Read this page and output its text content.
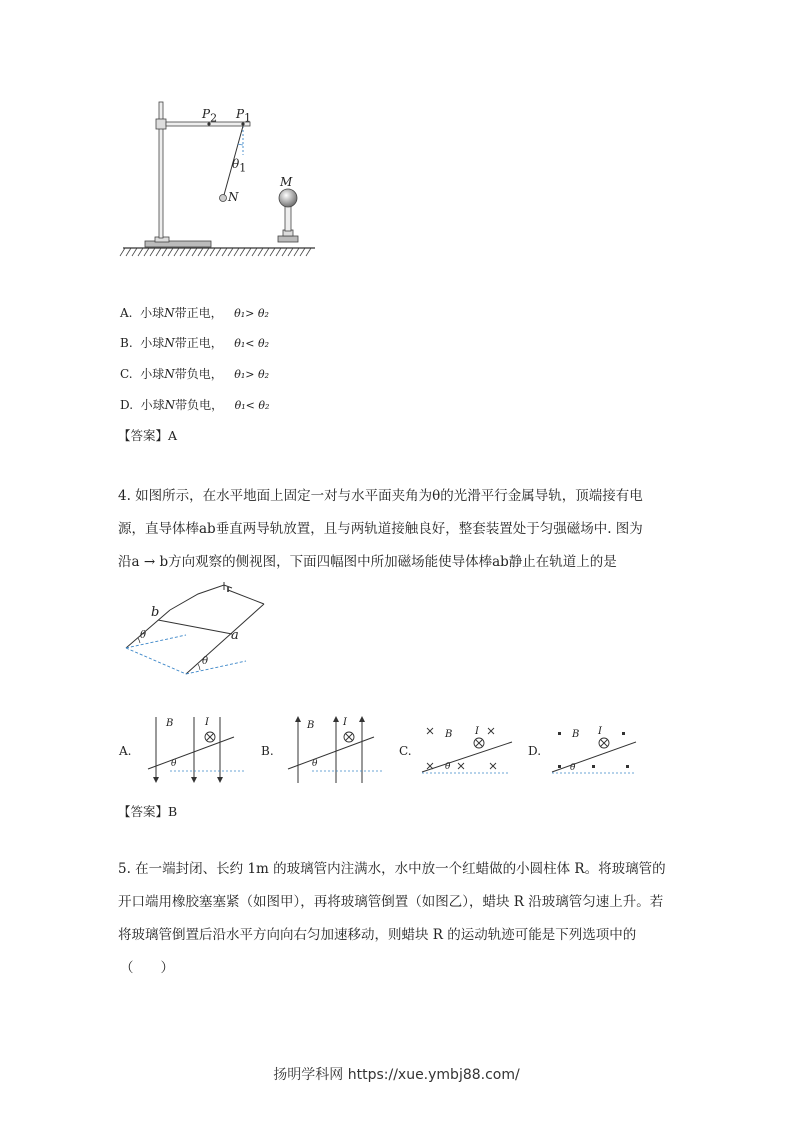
$P_2$ $P_1$
$\theta_1$
N
M
A. 小球N带正电， θ₁> θ₂
B. 小球N带正电， θ₁< θ₂
C. 小球N带负电， θ₁> θ₂
D. 小球N带负电， θ₁< θ₂
【答案】A
4. 如图所示，在水平地面上固定一对与水平面夹角为θ的光滑平行金属导轨，顶端接有电
源，直导体棒ab垂直两导轨放置，且与两轨道接触良好，整套装置处于匀强磁场中. 图为
沿a → b方向观察的侧视图，下面四幅图中所加磁场能使导体棒ab静止在轨道上的是
b
a
θ
θ
A.
B	I
θ
B.
B	I
θ
C.
B I
θ
D.
B I
θ
【答案】B
5. 在一端封闭、长约 1m 的玻璃管内注满水，水中放一个红蜡做的小圆柱体 R。将玻璃管的
开口端用橡胶塞塞紧（如图甲），再将玻璃管倒置（如图乙），蜡块 R 沿玻璃管匀速上升。若
将玻璃管倒置后沿水平方向向右匀加速移动，则蜡块 R 的运动轨迹可能是下列选项中的
（　　）
扬明学科网 https://xue.ymbj88.com/
